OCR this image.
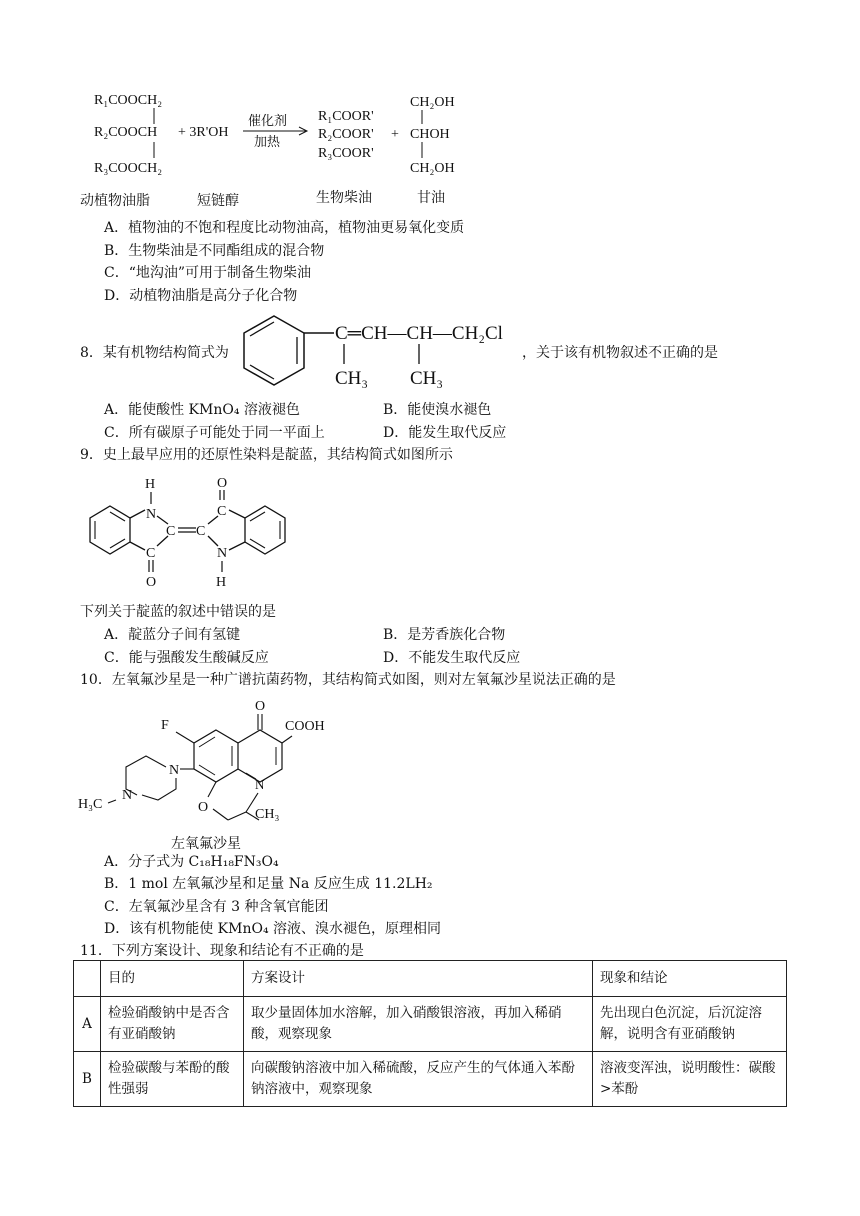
R₁COOCH₂
R₂COOCH
R₃COOCH₂
+ 3R'OH
催化剂
加热
R₁COOR'
R₂COOR'
R₃COOR'
+
CH₂OH
CHOH
CH₂OH
动植物油脂	短链醇	生物柴油	甘油
A．植物油的不饱和程度比动物油高，植物油更易氧化变质
B．生物柴油是不同酯组成的混合物
C．“地沟油”可用于制备生物柴油
D．动植物油脂是高分子化合物
8．某有机物结构简式为
C═CH—CH—CH₂Cl
CH₃ CH₃
，关于该有机物叙述不正确的是
A．能使酸性 KMnO₄ 溶液褪色	B．能使溴水褪色
C．所有碳原子可能处于同一平面上	D．能发生取代反应
9．史上最早应用的还原性染料是靛蓝，其结构简式如图所示
N
C
C
H
O
C
C
N
O
H
下列关于靛蓝的叙述中错误的是
A．靛蓝分子间有氢键	B．是芳香族化合物
C．能与强酸发生酸碱反应	D．不能发生取代反应
10．左氧氟沙星是一种广谱抗菌药物，其结构简式如图，则对左氧氟沙星说法正确的是
O
COOH
N
F
N
N
H₃C	O	CH₃
左氧氟沙星
A．分子式为 C₁₈H₁₈FN₃O₄
B．1 mol 左氧氟沙星和足量 Na 反应生成 11.2LH₂
C．左氧氟沙星含有 3 种含氧官能团
D．该有机物能使 KMnO₄ 溶液、溴水褪色，原理相同
11．下列方案设计、现象和结论有不正确的是
	目的	方案设计	现象和结论
A	检验硝酸钠中是否含有亚硝酸钠	取少量固体加水溶解，加入硝酸银溶液，再加入稀硝酸，观察现象	先出现白色沉淀，后沉淀溶解，说明含有亚硝酸钠
B	检验碳酸与苯酚的酸性强弱	向碳酸钠溶液中加入稀硫酸，反应产生的气体通入苯酚钠溶液中，观察现象	溶液变浑浊，说明酸性：碳酸>苯酚
